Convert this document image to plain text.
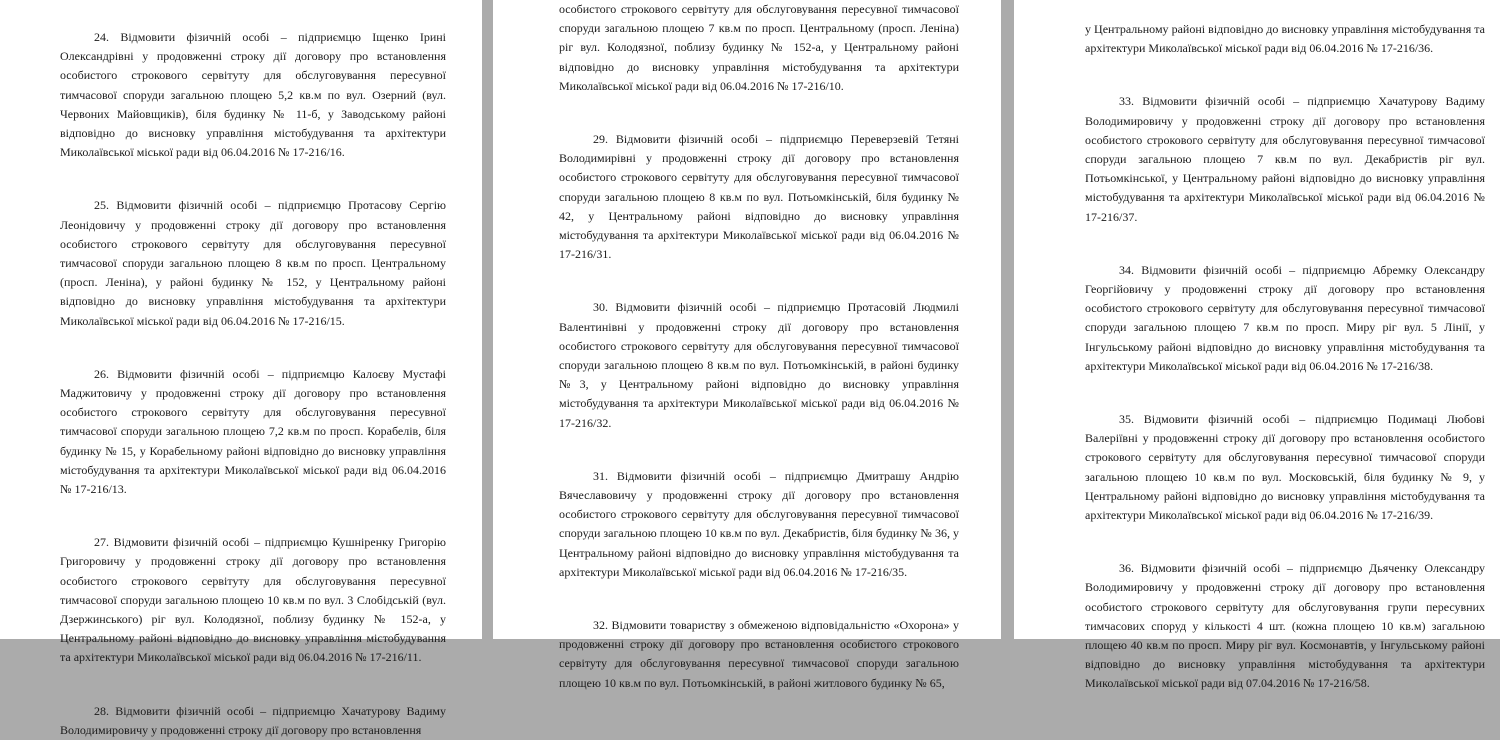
24. Відмовити фізичній особі – підприємцю Іщенко Ірині Олександрівні у продовженні строку дії договору про встановлення особистого строкового сервітуту для обслуговування пересувної тимчасової споруди загальною площею 5,2 кв.м по вул. Озерний (вул. Червоних Майовщиків), біля будинку № 11-б, у Заводському районі відповідно до висновку управління містобудування та архітектури Миколаївської міської ради від 06.04.2016 № 17-216/16.

25. Відмовити фізичній особі – підприємцю Протасову Сергію Леонідовичу у продовженні строку дії договору про встановлення особистого строкового сервітуту для обслуговування пересувної тимчасової споруди загальною площею 8 кв.м по просп. Центральному (просп. Леніна), у районі будинку № 152, у Центральному районі відповідно до висновку управління містобудування та архітектури Миколаївської міської ради від 06.04.2016 № 17-216/15.

26. Відмовити фізичній особі – підприємцю Калоєву Мустафі Маджитовичу у продовженні строку дії договору про встановлення особистого строкового сервітуту для обслуговування пересувної тимчасової споруди загальною площею 7,2 кв.м по просп. Корабелів, біля будинку № 15, у Корабельному районі відповідно до висновку управління містобудування та архітектури Миколаївської міської ради від 06.04.2016 № 17-216/13.

27. Відмовити фізичній особі – підприємцю Кушніренку Григорію Григоровичу у продовженні строку дії договору про встановлення особистого строкового сервітуту для обслуговування пересувної тимчасової споруди загальною площею 10 кв.м по вул. 3 Слобідській (вул. Дзержинського) ріг вул. Колодязної, поблизу будинку № 152-а, у Центральному районі відповідно до висновку управління містобудування та архітектури Миколаївської міської ради від 06.04.2016 № 17-216/11.

28. Відмовити фізичній особі – підприємцю Хачатурову Вадиму Володимировичу у продовженні строку дії договору про встановлення

особистого строкового сервітуту для обслуговування пересувної тимчасової споруди загальною площею 7 кв.м по просп. Центральному (просп. Леніна) ріг вул. Колодязної, поблизу будинку № 152-а, у Центральному районі відповідно до висновку управління містобудування та архітектури Миколаївської міської ради від 06.04.2016 № 17-216/10.

29. Відмовити фізичній особі – підприємцю Переверзевій Тетяні Володимирівні у продовженні строку дії договору про встановлення особистого строкового сервітуту для обслуговування пересувної тимчасової споруди загальною площею 8 кв.м по вул. Потьомкінській, біля будинку № 42, у Центральному районі відповідно до висновку управління містобудування та архітектури Миколаївської міської ради від 06.04.2016 № 17-216/31.

30. Відмовити фізичній особі – підприємцю Протасовій Людмилі Валентинівні у продовженні строку дії договору про встановлення особистого строкового сервітуту для обслуговування пересувної тимчасової споруди загальною площею 8 кв.м по вул. Потьомкінській, в районі будинку №3, у Центральному районі відповідно до висновку управління містобудування та архітектури Миколаївської міської ради від 06.04.2016 № 17-216/32.

31. Відмовити фізичній особі – підприємцю Дмитрашу Андрію Вячеславовичу у продовженні строку дії договору про встановлення особистого строкового сервітуту для обслуговування пересувної тимчасової споруди загальною площею 10 кв.м по вул. Декабристів, біля будинку № 36, у Центральному районі відповідно до висновку управління містобудування та архітектури Миколаївської міської ради від 06.04.2016 № 17-216/35.

32. Відмовити товариству з обмеженою відповідальністю «Охорона» у продовженні строку дії договору про встановлення особистого строкового сервітуту для обслуговування пересувної тимчасової споруди загальною площею 10 кв.м по вул. Потьомкінській, в районі житлового будинку № 65,

у Центральному районі відповідно до висновку управління містобудування та архітектури Миколаївської міської ради від 06.04.2016 № 17-216/36.

33. Відмовити фізичній особі – підприємцю Хачатурову Вадиму Володимировичу у продовженні строку дії договору про встановлення особистого строкового сервітуту для обслуговування пересувної тимчасової споруди загальною площею 7 кв.м по вул. Декабристів ріг вул. Потьомкінської, у Центральному районі відповідно до висновку управління містобудування та архітектури Миколаївської міської ради від 06.04.2016 № 17-216/37.

34. Відмовити фізичній особі – підприємцю Абремку Олександру Георгійовичу у продовженні строку дії договору про встановлення особистого строкового сервітуту для обслуговування пересувної тимчасової споруди загальною площею 7 кв.м по просп. Миру ріг вул. 5 Лінії, у Інгульському районі відповідно до висновку управління містобудування та архітектури Миколаївської міської ради від 06.04.2016 № 17-216/38.

35. Відмовити фізичній особі – підприємцю Подимаці Любові Валеріївні у продовженні строку дії договору про встановлення особистого строкового сервітуту для обслуговування пересувної тимчасової споруди загальною площею 10 кв.м по вул. Московській, біля будинку № 9, у Центральному районі відповідно до висновку управління містобудування та архітектури Миколаївської міської ради від 06.04.2016 № 17-216/39.

36. Відмовити фізичній особі – підприємцю Дьяченку Олександру Володимировичу у продовженні строку дії договору про встановлення особистого строкового сервітуту для обслуговування групи пересувних тимчасових споруд у кількості 4 шт. (кожна площею 10 кв.м) загальною площею 40 кв.м по просп. Миру ріг вул. Космонавтів, у Інгульському районі відповідно до висновку управління містобудування та архітектури Миколаївської міської ради від 07.04.2016 № 17-216/58.
